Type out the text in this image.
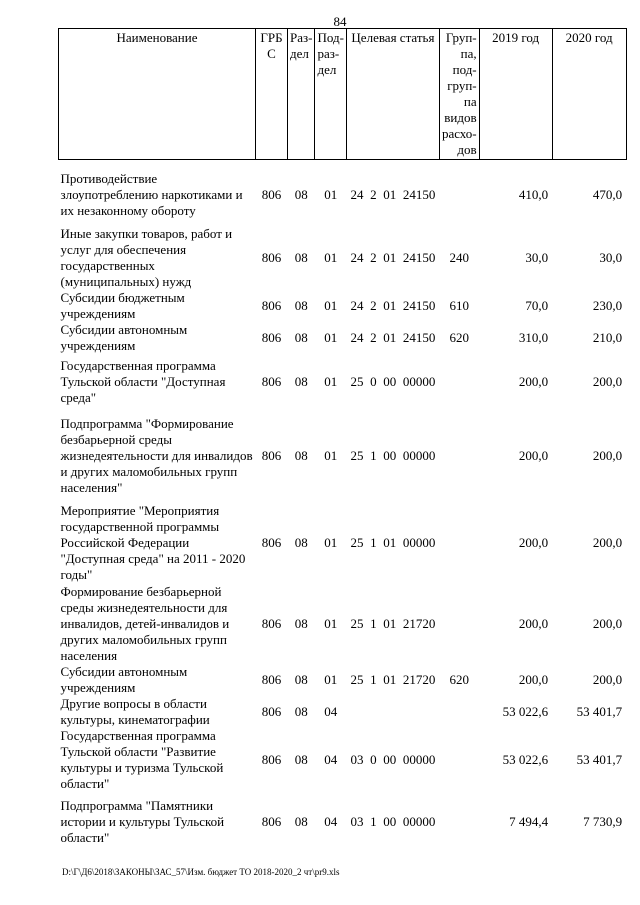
84
Наименование	ГРБ С	Раз-дел	Под-раз-дел	Целевая статья	Груп-па, под-груп-па видов расхо-дов	2019 год	2020 год

Противодействие злоупотреблению наркотиками и их незаконному обороту	806	08	01	24 2 01 24150		410,0	470,0
Иные закупки товаров, работ и услуг для обеспечения государственных (муниципальных) нужд	806	08	01	24 2 01 24150	240	30,0	30,0
Субсидии бюджетным учреждениям	806	08	01	24 2 01 24150	610	70,0	230,0
Субсидии автономным учреждениям	806	08	01	24 2 01 24150	620	310,0	210,0
Государственная программа Тульской области "Доступная среда"	806	08	01	25 0 00 00000		200,0	200,0
Подпрограмма "Формирование безбарьерной среды жизнедеятельности для инвалидов и других маломобильных групп населения"	806	08	01	25 1 00 00000		200,0	200,0
Мероприятие "Мероприятия государственной программы Российской Федерации "Доступная среда" на 2011 - 2020 годы"	806	08	01	25 1 01 00000		200,0	200,0
Формирование безбарьерной среды жизнедеятельности для инвалидов, детей-инвалидов и других маломобильных групп населения	806	08	01	25 1 01 21720		200,0	200,0
Субсидии автономным учреждениям	806	08	01	25 1 01 21720	620	200,0	200,0
Другие вопросы в области культуры, кинематографии	806	08	04			53 022,6	53 401,7
Государственная программа Тульской области "Развитие культуры и туризма Тульской области"	806	08	04	03 0 00 00000		53 022,6	53 401,7
Подпрограмма "Памятники истории и культуры Тульской области"	806	08	04	03 1 00 00000		7 494,4	7 730,9
D:\Г\Д6\2018\ЗАКОНЫ\ЗАС_57\Изм. бюджет ТО 2018-2020_2 чт\pr9.xls
